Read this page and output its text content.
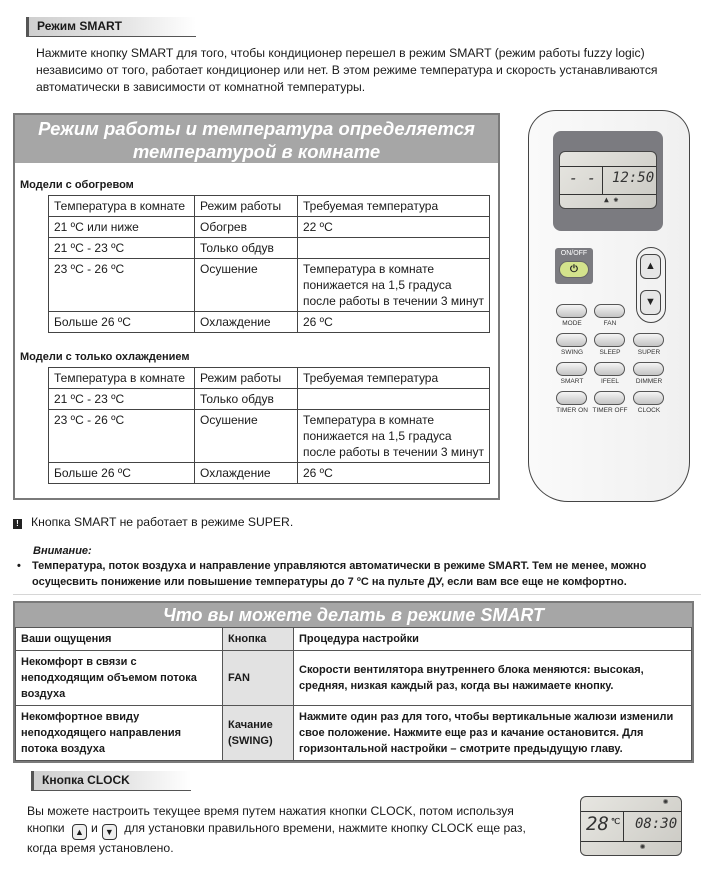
Режим SMART
Нажмите кнопку SMART для того, чтобы кондиционер перешел в режим SMART (режим работы fuzzy logic) независимо от того, работает кондиционер или нет. В этом режиме температура и скорость устанавливаются автоматически в зависимости от комнатной температуры.
Режим работы и температура определяется
температурой в комнате
Модели с обогревом
Температура в комнате	Режим работы	Требуемая температура
21 ºC или ниже	Обогрев	22 ºC
21 ºC - 23 ºC	Только обдув	
23 ºC - 26 ºC	Осушение	Температура в комнате понижается на 1,5 градуса после работы в течении 3 минут
Больше 26 ºC	Охлаждение	26 ºC
Модели с только охлаждением
Температура в комнате	Режим работы	Требуемая температура
21 ºC - 23 ºC	Только обдув	
23 ºC - 26 ºC	Осушение	Температура в комнате понижается на 1,5 градуса после работы в течении 3 минут
Больше 26 ºC	Охлаждение	26 ºC
- - 12:50
▲ ✺
ON/OFF
⏻	▲
▼
MODE	FAN
SWING	SLEEP	SUPER
SMART	IFEEL	DIMMER
TIMER ON TIMER OFF	CLOCK
! Кнопка SMART не работает в режиме SUPER.
Внимание:
•	Температура, поток воздуха и направление управляются автоматически в режиме SMART. Тем не менее, можно осущесвить понижение или повышение температуры до 7 ºC на пульте ДУ, если вам все еще не комфортно.
Что вы можете делать в режиме SMART
Ваши ощущения	Кнопка	Процедура настройки
Некомфорт в связи с неподходящим объемом потока воздуха	FAN	Скорости вентилятора внутреннего блока меняются: высокая, средняя, низкая каждый раз, когда вы нажимаете кнопку.
Некомфортное ввиду неподходящего направления потока воздуха	Качание (SWING)	Нажмите один раз для того, чтобы вертикальные жалюзи изменили свое положение. Нажмите еще раз и качание остановится. Для горизонтальной настройки – смотрите предыдущую главу.
Кнопка CLOCK
Вы можете настроить текущее время путем нажатия кнопки CLOCK, потом используя кнопки ▲ и ▼ для установки правильного времени, нажмите кнопку CLOCK еще раз, когда время установлено.
✺
28 ℃ 08:30
✺
